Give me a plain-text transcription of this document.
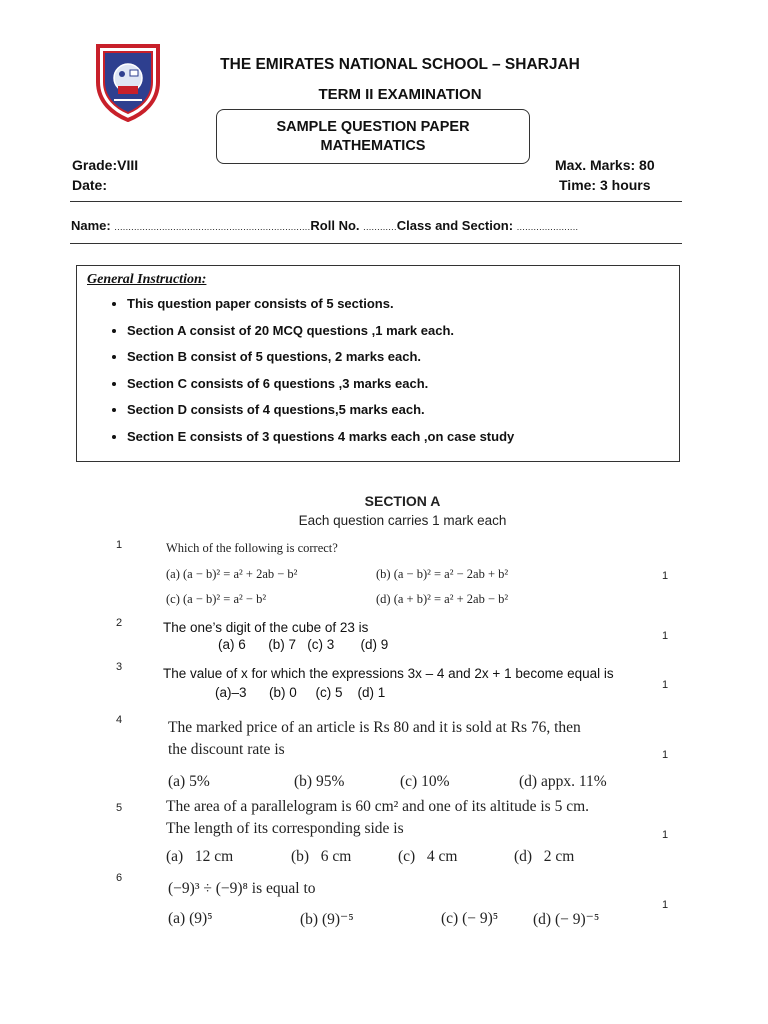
THE EMIRATES NATIONAL SCHOOL – SHARJAH
TERM II EXAMINATION
SAMPLE QUESTION PAPER
MATHEMATICS
Grade:VIII
Date:
Max. Marks: 80
Time: 3 hours
Name: ......................................................................Roll No. ............Class and Section: ......................
General Instruction:
• This question paper consists of 5 sections.
• Section A consist of 20 MCQ questions ,1 mark each.
• Section B consist of 5 questions, 2 marks each.
• Section C consists of 6 questions ,3 marks each.
• Section D consists of 4 questions,5 marks each.
• Section E consists of 3 questions 4 marks each ,on case study
SECTION A
Each question carries 1 mark each
1	Which of the following is correct?
(a) (a − b)² = a² + 2ab − b²	(b) (a − b)² = a² − 2ab + b²
(c) (a − b)² = a² − b²	(d) (a + b)² = a² + 2ab − b²
1
2	The one’s digit of the cube of 23 is
(a) 6      (b) 7   (c) 3       (d) 9
1
3	The value of x for which the expressions 3x – 4 and 2x + 1 become equal is
(a)–3      (b) 0     (c) 5    (d) 1	1
4	The marked price of an article is Rs 80 and it is sold at Rs 76, then
the discount rate is
(a) 5%	(b) 95%	(c) 10%	(d) appx. 11%
1
5	The area of a parallelogram is 60 cm² and one of its altitude is 5 cm.
The length of its corresponding side is
(a)   12 cm	(b)   6 cm	(c)   4 cm	(d)   2 cm
1
6
(−9)³ ÷ (−9)⁸ is equal to
(a) (9)⁵	(b) (9)⁻⁵	(c) (− 9)⁵ (d) (− 9)⁻⁵
1
